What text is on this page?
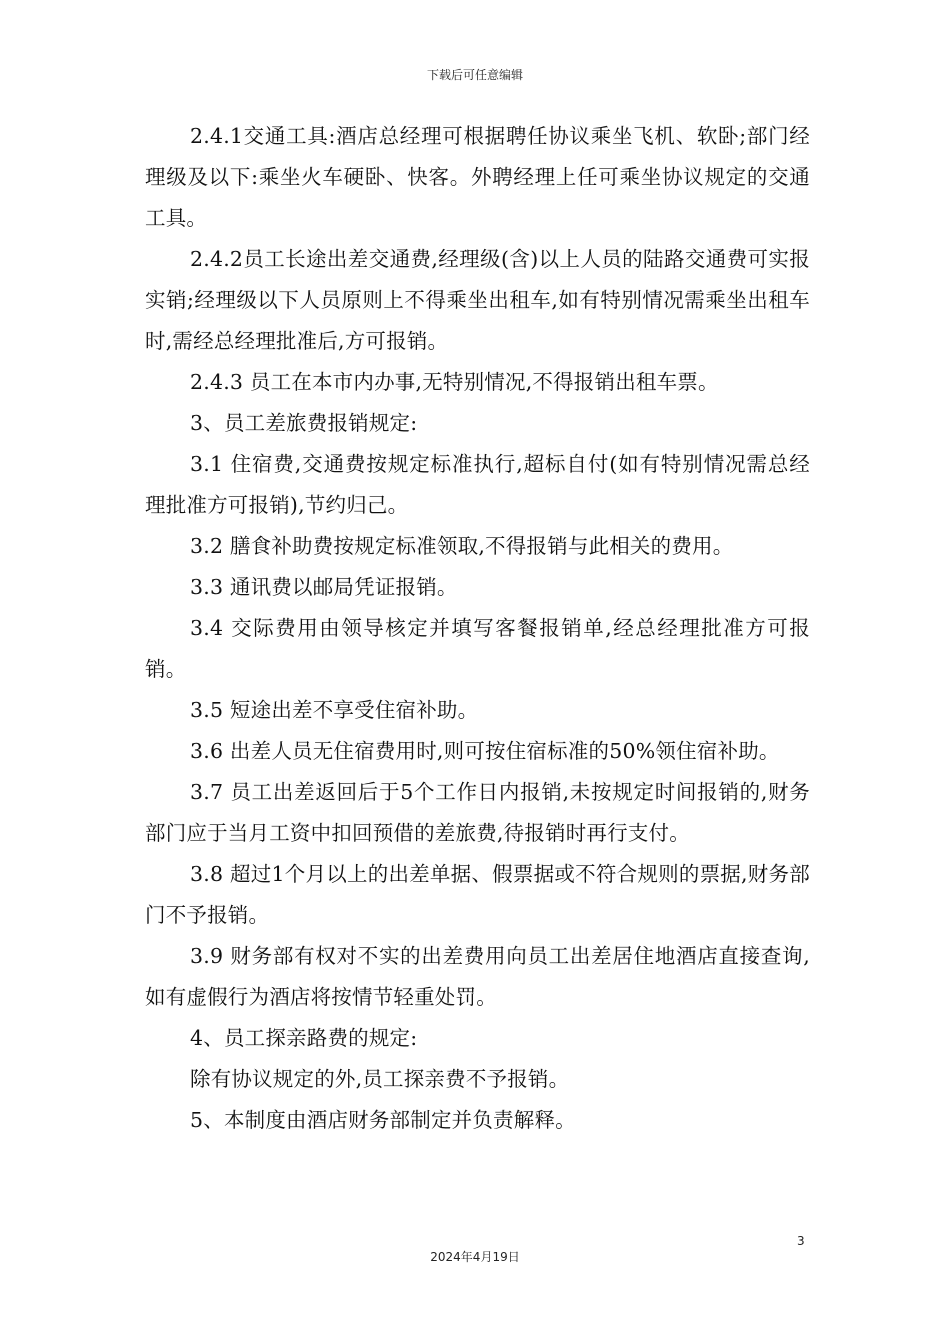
下载后可任意编辑

2.4.1交通工具:酒店总经理可根据聘任协议乘坐飞机、软卧;部门经理级及以下:乘坐火车硬卧、快客。外聘经理上任可乘坐协议规定的交通工具。

2.4.2员工长途出差交通费,经理级(含)以上人员的陆路交通费可实报实销;经理级以下人员原则上不得乘坐出租车,如有特别情况需乘坐出租车时,需经总经理批准后,方可报销。

2.4.3 员工在本市内办事,无特别情况,不得报销出租车票。

3、员工差旅费报销规定:

3.1 住宿费,交通费按规定标准执行,超标自付(如有特别情况需总经理批准方可报销),节约归己。

3.2 膳食补助费按规定标准领取,不得报销与此相关的费用。

3.3 通讯费以邮局凭证报销。

3.4 交际费用由领导核定并填写客餐报销单,经总经理批准方可报销。

3.5 短途出差不享受住宿补助。

3.6 出差人员无住宿费用时,则可按住宿标准的50%领住宿补助。

3.7 员工出差返回后于5个工作日内报销,未按规定时间报销的,财务部门应于当月工资中扣回预借的差旅费,待报销时再行支付。

3.8 超过1个月以上的出差单据、假票据或不符合规则的票据,财务部门不予报销。

3.9 财务部有权对不实的出差费用向员工出差居住地酒店直接查询,如有虚假行为酒店将按情节轻重处罚。

4、员工探亲路费的规定:

除有协议规定的外,员工探亲费不予报销。

5、本制度由酒店财务部制定并负责解释。

3
2024年4月19日
